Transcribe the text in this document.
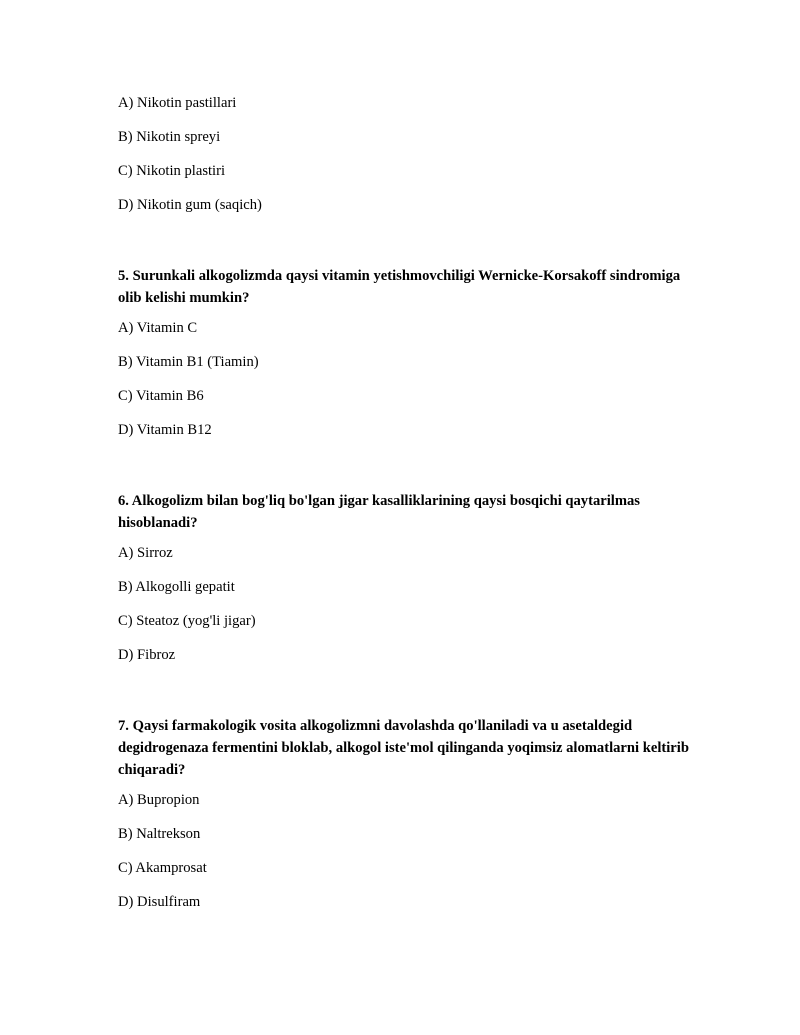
A) Nikotin pastillari
B) Nikotin spreyi
C) Nikotin plastiri
D) Nikotin gum (saqich)
5. Surunkali alkogolizmda qaysi vitamin yetishmovchiligi Wernicke-Korsakoff sindromiga olib kelishi mumkin?
A) Vitamin C
B) Vitamin B1 (Tiamin)
C) Vitamin B6
D) Vitamin B12
6. Alkogolizm bilan bog'liq bo'lgan jigar kasalliklarining qaysi bosqichi qaytarilmas hisoblanadi?
A) Sirroz
B) Alkogolli gepatit
C) Steatoz (yog'li jigar)
D) Fibroz
7. Qaysi farmakologik vosita alkogolizmni davolashda qo'llaniladi va u asetaldegid degidrogenaza fermentini bloklab, alkogol iste'mol qilinganda yoqimsiz alomatlarni keltirib chiqaradi?
A) Bupropion
B) Naltrekson
C) Akamprosat
D) Disulfiram
